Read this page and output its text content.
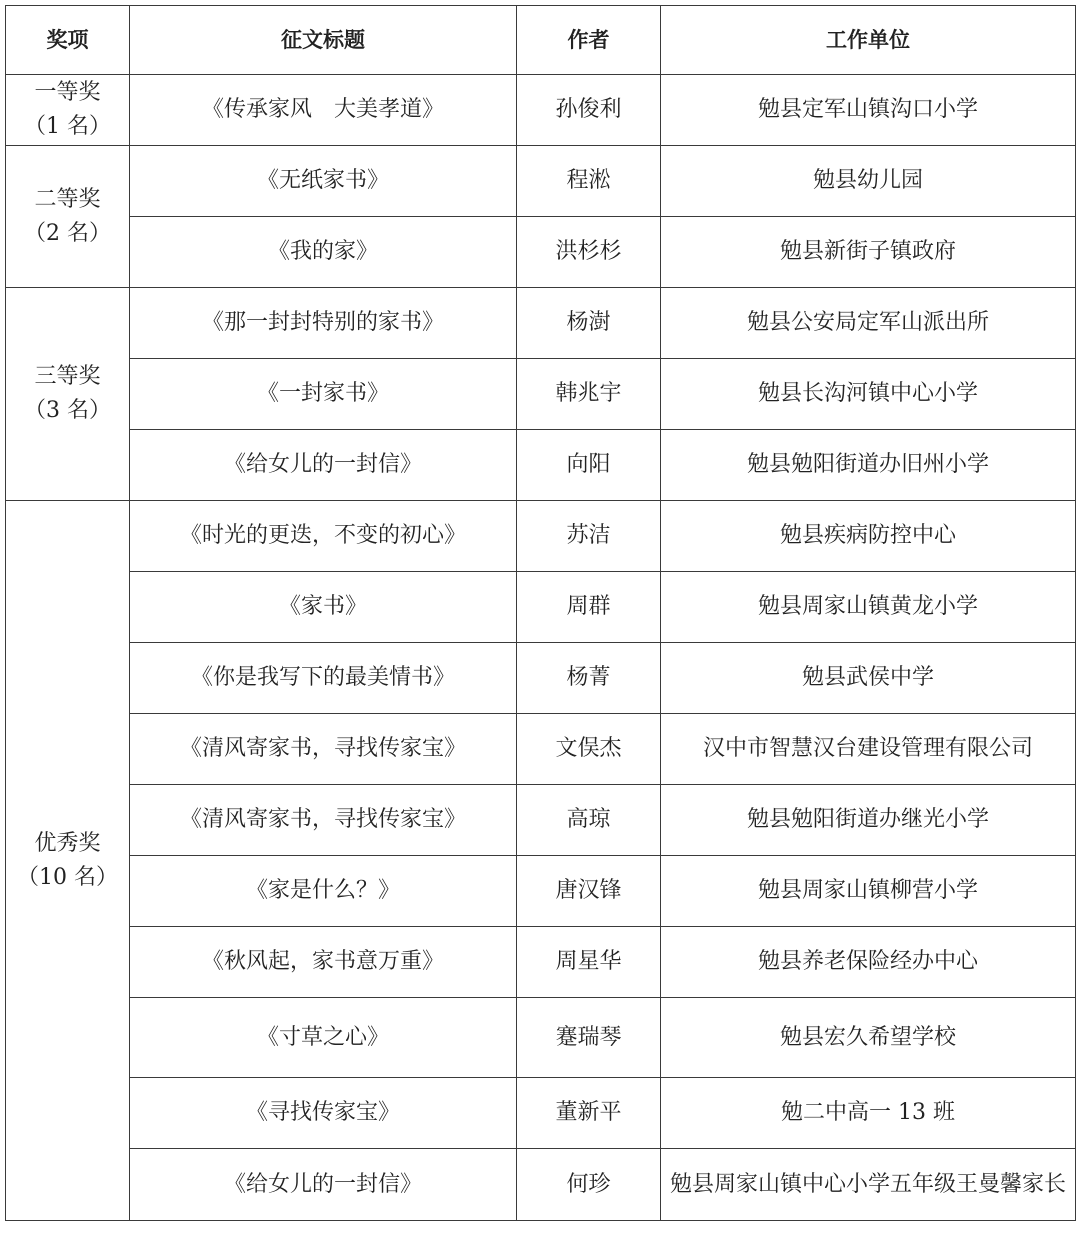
奖项	征文标题	作者	工作单位

一等奖
（1 名）	《传承家风　大美孝道》	孙俊利	勉县定军山镇沟口小学

二等奖
（2 名）	《无纸家书》	程淞	勉县幼儿园
	《我的家》	洪杉杉	勉县新街子镇政府

三等奖
（3 名）	《那一封封特别的家书》	杨澍	勉县公安局定军山派出所
	《一封家书》	韩兆宇	勉县长沟河镇中心小学
	《给女儿的一封信》	向阳	勉县勉阳街道办旧州小学

优秀奖
（10 名）	《时光的更迭，不变的初心》	苏洁	勉县疾病防控中心
	《家书》	周群	勉县周家山镇黄龙小学
	《你是我写下的最美情书》	杨菁	勉县武侯中学
	《清风寄家书，寻找传家宝》	文俣杰	汉中市智慧汉台建设管理有限公司
	《清风寄家书，寻找传家宝》	高琼	勉县勉阳街道办继光小学
	《家是什么？》	唐汉锋	勉县周家山镇柳营小学
	《秋风起，家书意万重》	周星华	勉县养老保险经办中心
	《寸草之心》	蹇瑞琴	勉县宏久希望学校
	《寻找传家宝》	董新平	勉二中高一 13 班
	《给女儿的一封信》	何珍	勉县周家山镇中心小学五年级王曼馨家长
